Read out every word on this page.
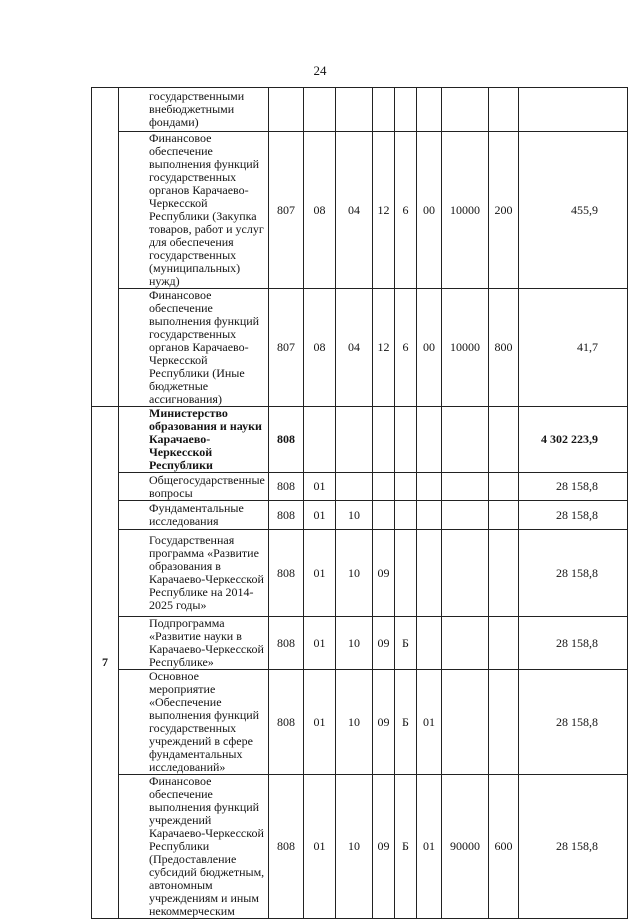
24
	государственными внебюджетными фондами)									
	Финансовое обеспечение выполнения функций государственных органов Карачаево-Черкесской Республики (Закупка товаров, работ и услуг для обеспечения государственных (муниципальных) нужд)	807	08	04	12	6	00	10000	200	455,9
	Финансовое обеспечение выполнения функций государственных органов Карачаево-Черкесской Республики (Иные бюджетные ассигнования)	807	08	04	12	6	00	10000	800	41,7
7	Министерство образования и науки Карачаево-Черкесской Республики	808								4 302 223,9
	Общегосударственные вопросы	808	01							28 158,8
	Фундаментальные исследования	808	01	10						28 158,8
	Государственная программа «Развитие образования в Карачаево-Черкесской Республике на 2014-2025 годы»	808	01	10	09					28 158,8
	Подпрограмма «Развитие науки в Карачаево-Черкесской Республике»	808	01	10	09	Б				28 158,8
	Основное мероприятие «Обеспечение выполнения функций государственных учреждений в сфере фундаментальных исследований»	808	01	10	09	Б	01			28 158,8
	Финансовое обеспечение выполнения функций учреждений Карачаево-Черкесской Республики (Предоставление субсидий бюджетным, автономным учреждениям и иным некоммерческим	808	01	10	09	Б	01	90000	600	28 158,8
